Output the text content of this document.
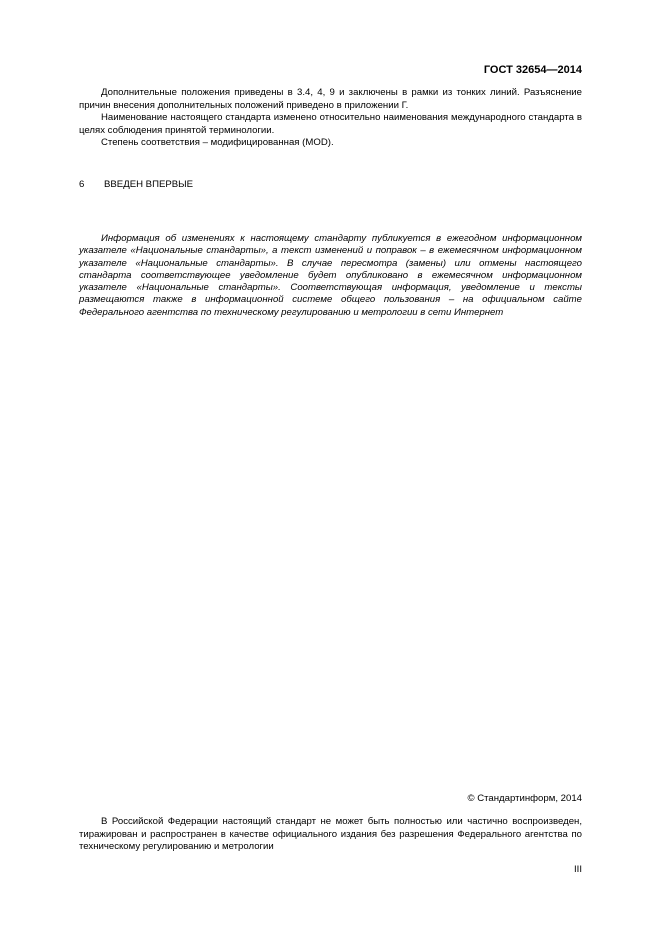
ГОСТ 32654—2014

Дополнительные положения приведены в 3.4, 4, 9 и заключены в рамки из тонких линий. Разъяснение причин внесения дополнительных положений приведено в приложении Г.

Наименование настоящего стандарта изменено относительно наименования международного стандарта в целях соблюдения принятой терминологии.

Степень соответствия – модифицированная (MOD).

6 ВВЕДЕН ВПЕРВЫЕ
Информация об изменениях к настоящему стандарту публикуется в ежегодном информационном указателе «Национальные стандарты», а текст изменений и поправок – в ежемесячном информационном указателе «Национальные стандарты». В случае пересмотра (замены) или отмены настоящего стандарта соответствующее уведомление будет опубликовано в ежемесячном информационном указателе «Национальные стандарты». Соответствующая информация, уведомление и тексты размещаются также в информационной системе общего пользования – на официальном сайте Федерального агентства по техническому регулированию и метрологии в сети Интернет
© Стандартинформ, 2014
В Российской Федерации настоящий стандарт не может быть полностью или частично воспроизведен, тиражирован и распространен в качестве официального издания без разрешения Федерального агентства по техническому регулированию и метрологии
III
